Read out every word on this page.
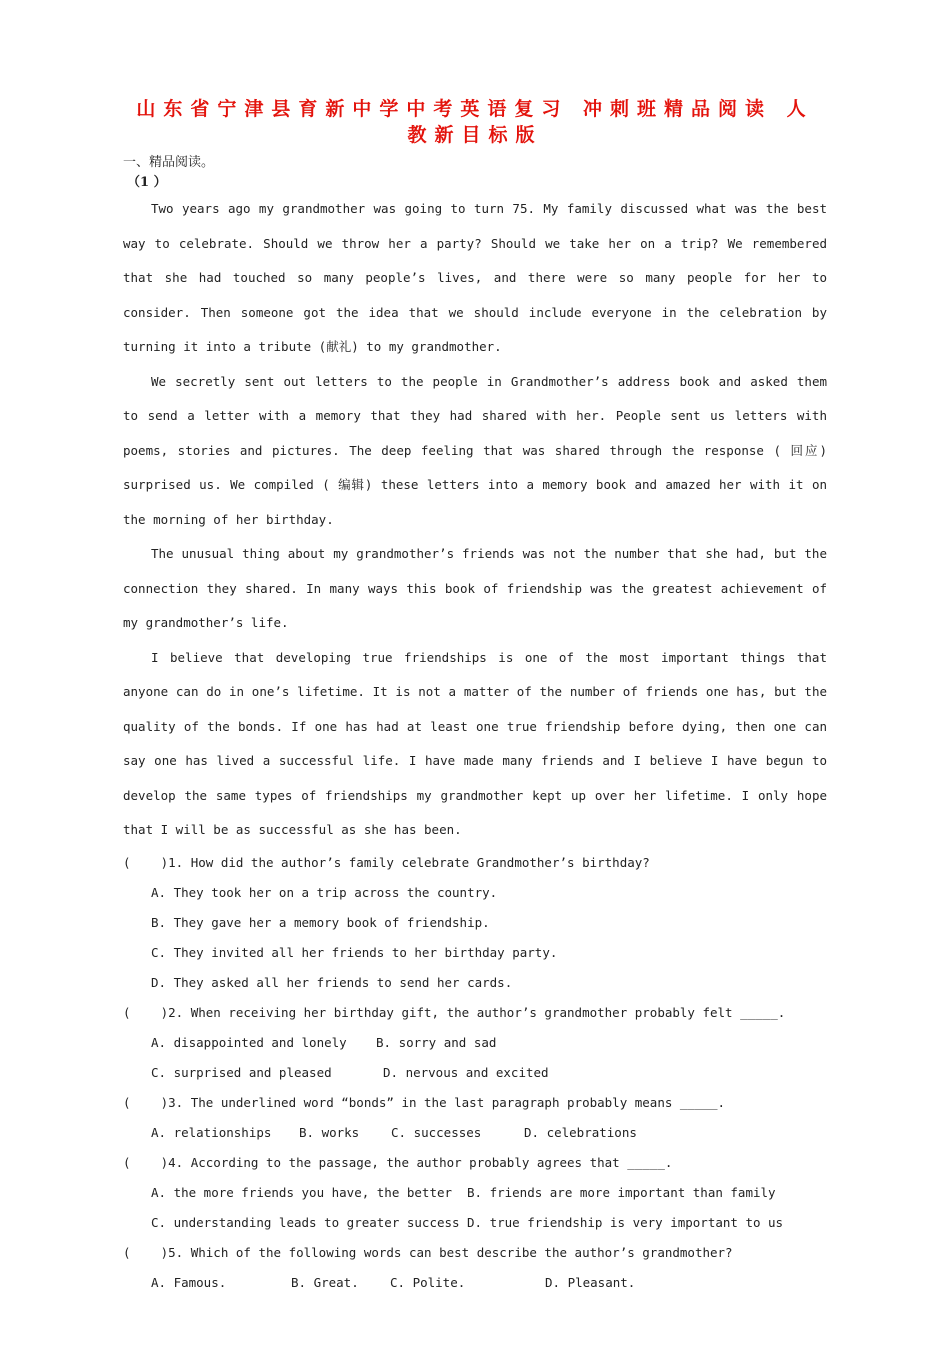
山东省宁津县育新中学中考英语复习 冲刺班精品阅读 人
教新目标版
一、精品阅读。
（1 ）

Two years ago my grandmother was going to turn 75. My family discussed what was the best way to celebrate. Should we throw her a party? Should we take her on a trip? We remembered that she had touched so many people’s lives, and there were so many people for her to consider. Then someone got the idea that we should include everyone in the celebration by turning it into a tribute (献礼) to my grandmother.

We secretly sent out letters to the people in Grandmother’s address book and asked them to send a letter with a memory that they had shared with her. People sent us letters with poems, stories and pictures. The deep feeling that was shared through the response ( 回应) surprised us. We compiled ( 编辑) these letters into a memory book and amazed her with it on the morning of her birthday.

The unusual thing about my grandmother’s friends was not the number that she had, but the connection they shared. In many ways this book of friendship was the greatest achievement of my grandmother’s life.

I believe that developing true friendships is one of the most important things that anyone can do in one’s lifetime. It is not a matter of the number of friends one has, but the quality of the bonds. If one has had at least one true friendship before dying, then one can say one has lived a successful life. I have made many friends and I believe I have begun to develop the same types of friendships my grandmother kept up over her lifetime. I only hope that I will be as successful as she has been.

(    )1. How did the author’s family celebrate Grandmother’s birthday?
A. They took her on a trip across the country.
B. They gave her a memory book of friendship.
C. They invited all her friends to her birthday party.
D. They asked all her friends to send her cards.
(    )2. When receiving her birthday gift, the author’s grandmother probably felt _____.
A. disappointed and lonely	B. sorry and sad
C. surprised and pleased	D. nervous and excited
(    )3. The underlined word “bonds” in the last paragraph probably means _____.
A. relationships	B. works	C. successes	D. celebrations
(    )4. According to the passage, the author probably agrees that _____.
A. the more friends you have, the better	B. friends are more important than family
C. understanding leads to greater success D. true friendship is very important to us
(    )5. Which of the following words can best describe the author’s grandmother?
A. Famous.	B. Great.	C. Polite.	D. Pleasant.
